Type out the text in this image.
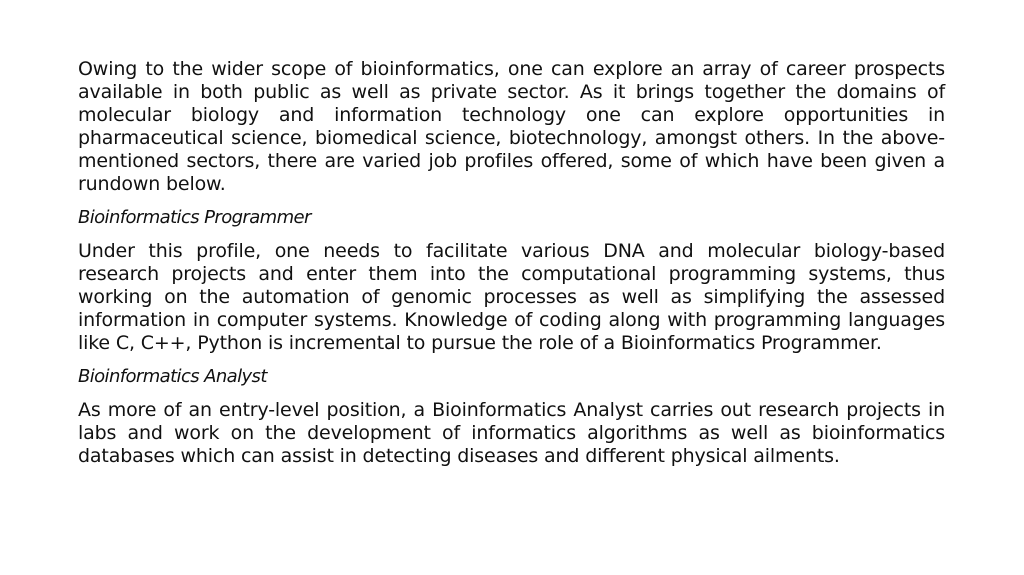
Owing to the wider scope of bioinformatics, one can explore an array of career prospects available in both public as well as private sector. As it brings together the domains of molecular biology and information technology one can explore opportunities in pharmaceutical science, biomedical science, biotechnology, amongst others. In the above-mentioned sectors, there are varied job profiles offered, some of which have been given a rundown below.

Bioinformatics Programmer

Under this profile, one needs to facilitate various DNA and molecular biology-based research projects and enter them into the computational programming systems, thus working on the automation of genomic processes as well as simplifying the assessed information in computer systems. Knowledge of coding along with programming languages like C, C++, Python is incremental to pursue the role of a Bioinformatics Programmer.

Bioinformatics Analyst

As more of an entry-level position, a Bioinformatics Analyst carries out research projects in labs and work on the development of informatics algorithms as well as bioinformatics databases which can assist in detecting diseases and different physical ailments.
